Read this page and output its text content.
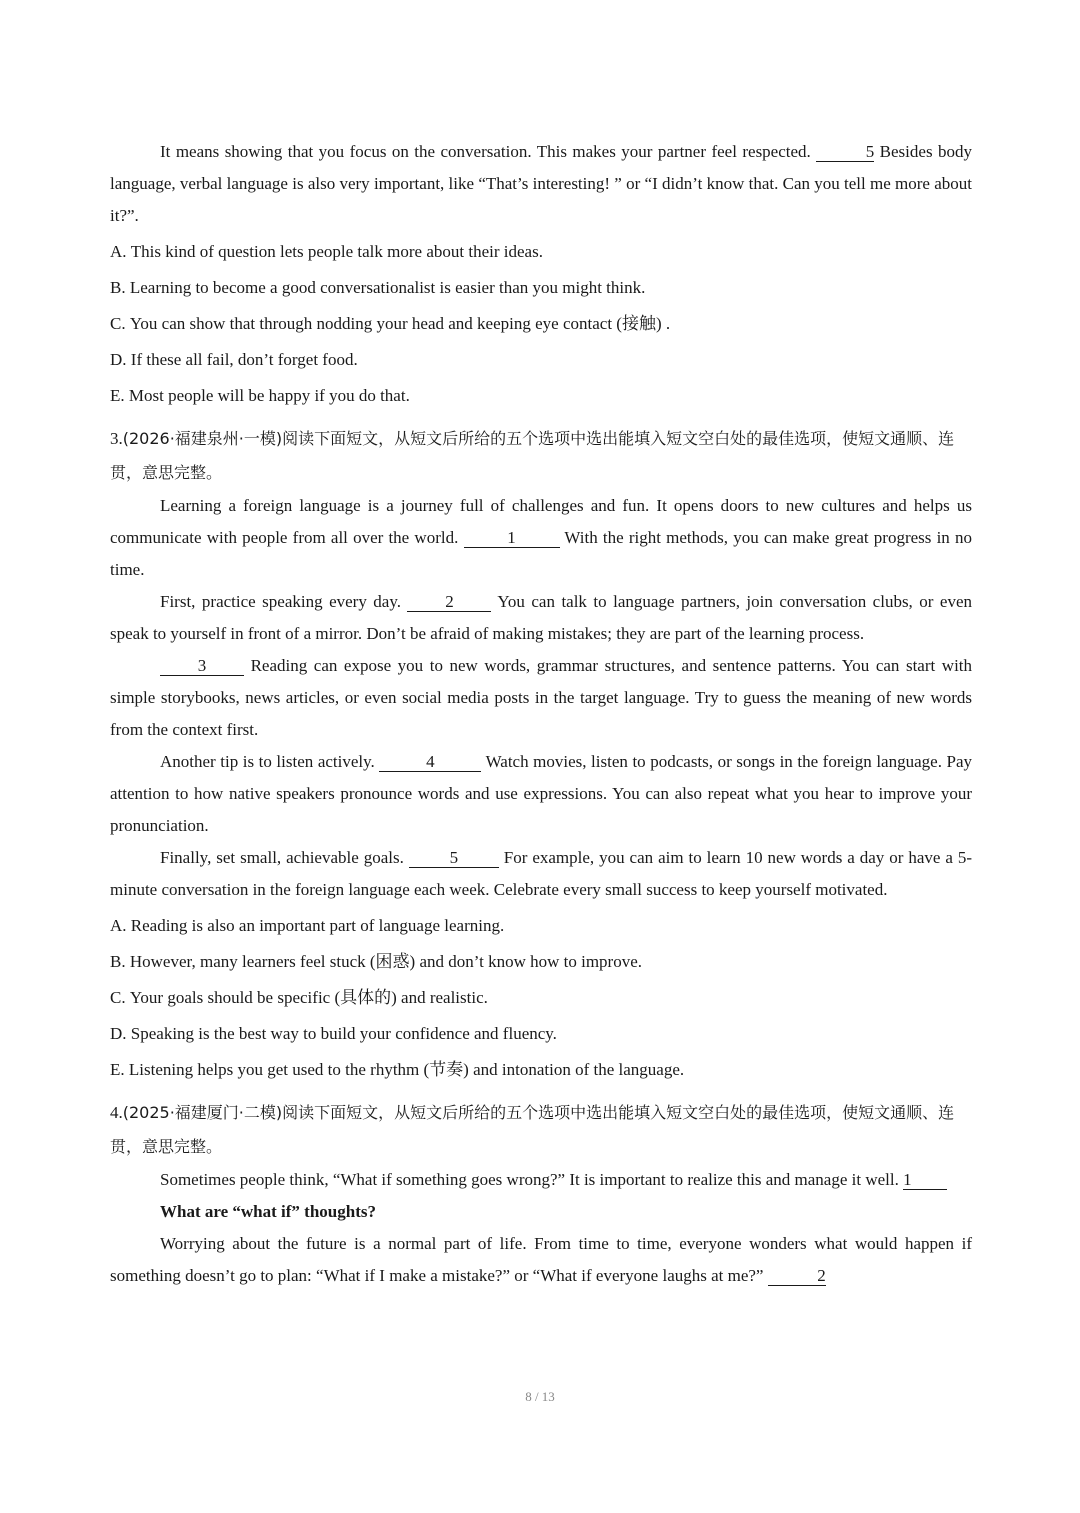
It means showing that you focus on the conversation. This makes your partner feel respected.	5 Besides body language, verbal language is also very important, like “That’s interesting! ” or “I didn’t know that. Can you tell me more about it?”.

A. This kind of question lets people talk more about their ideas.

B. Learning to become a good conversationalist is easier than you might think.

C. You can show that through nodding your head and keeping eye contact (接触) .

D. If these all fail, don’t forget food.

E. Most people will be happy if you do that.

3.(2026·福建泉州·一模)阅读下面短文，从短文后所给的五个选项中选出能填入短文空白处的最佳选项，使短文通顺、连贯，意思完整。

Learning a foreign language is a journey full of challenges and fun. It opens doors to new cultures and helps us communicate with people from all over the world.	1	With the right methods, you can make great progress in no time.

First, practice speaking every day.	2	You can talk to language partners, join conversation clubs, or even speak to yourself in front of a mirror. Don’t be afraid of making mistakes; they are part of the learning process.

3	Reading can expose you to new words, grammar structures, and sentence patterns. You can start with simple storybooks, news articles, or even social media posts in the target language. Try to guess the meaning of new words from the context first.

Another tip is to listen actively.	4	Watch movies, listen to podcasts, or songs in the foreign language. Pay attention to how native speakers pronounce words and use expressions. You can also repeat what you hear to improve your pronunciation.

Finally, set small, achievable goals.	5	For example, you can aim to learn 10 new words a day or have a 5-minute conversation in the foreign language each week. Celebrate every small success to keep yourself motivated.

A. Reading is also an important part of language learning.

B. However, many learners feel stuck (困惑) and don’t know how to improve.

C. Your goals should be specific (具体的) and realistic.

D. Speaking is the best way to build your confidence and fluency.

E. Listening helps you get used to the rhythm (节奏) and intonation of the language.

4.(2025·福建厦门·二模)阅读下面短文，从短文后所给的五个选项中选出能填入短文空白处的最佳选项，使短文通顺、连贯，意思完整。

Sometimes people think, “What if something goes wrong?” It is important to realize this and manage it well. 1

What are “what if” thoughts?

Worrying about the future is a normal part of life. From time to time, everyone wonders what would happen if something doesn’t go to plan: “What if I make a mistake?” or “What if everyone laughs at me?”	2

8 / 13
